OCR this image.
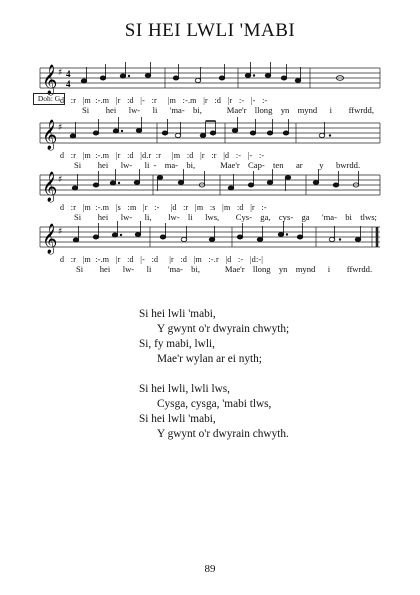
SI HEI LWLI 'MABI
𝄞 ♯ 4
4
d   :r   |m  :-.m   |r   :d   |-   :r     |m   :-.m   |r   :d   |r   :-   |-   :-
Si    hei   lw-   li   'ma-  bi,      Mae'r  llong  yn  mynd   i    ffwrdd,
Doh: G
𝄞 ♯
d   :r   |m  :-.m   |r   :d   |d.r  :r     |m   :d   |r   :r   |d   :-   |-   :-
Si    hei   lw-   li -  ma-  bi,      Mae'r  Cap-  ten   ar    y   bwrdd.
𝄞 ♯
d   :r   |m  :-.m   |s   :m   |r   :-     |d   :r   |m   :s   |m   :d   |r   :-
Si    hei   lw-   li,    lw-  li   lws,    Cys-  ga,  cys-  ga   'ma-  bi  tlws;
𝄞 ♯
d   :r   |m  :-.m   |r   :d   |-   :d     |r   :d   |m   :-.r   |d   :-   |d:-|
Si    hei   lw-   li    'ma-  bi,      Mae'r  llong  yn  mynd   i    ffwrdd.
Si hei lwli 'mabi,
Y gwynt o'r dwyrain chwyth;
Si, fy mabi, lwli,
Mae'r wylan ar ei nyth;
Si hei lwli, lwli lws,
Cysga, cysga, 'mabi tlws,
Si hei lwli 'mabi,
Y gwynt o'r dwyrain chwyth.
89
